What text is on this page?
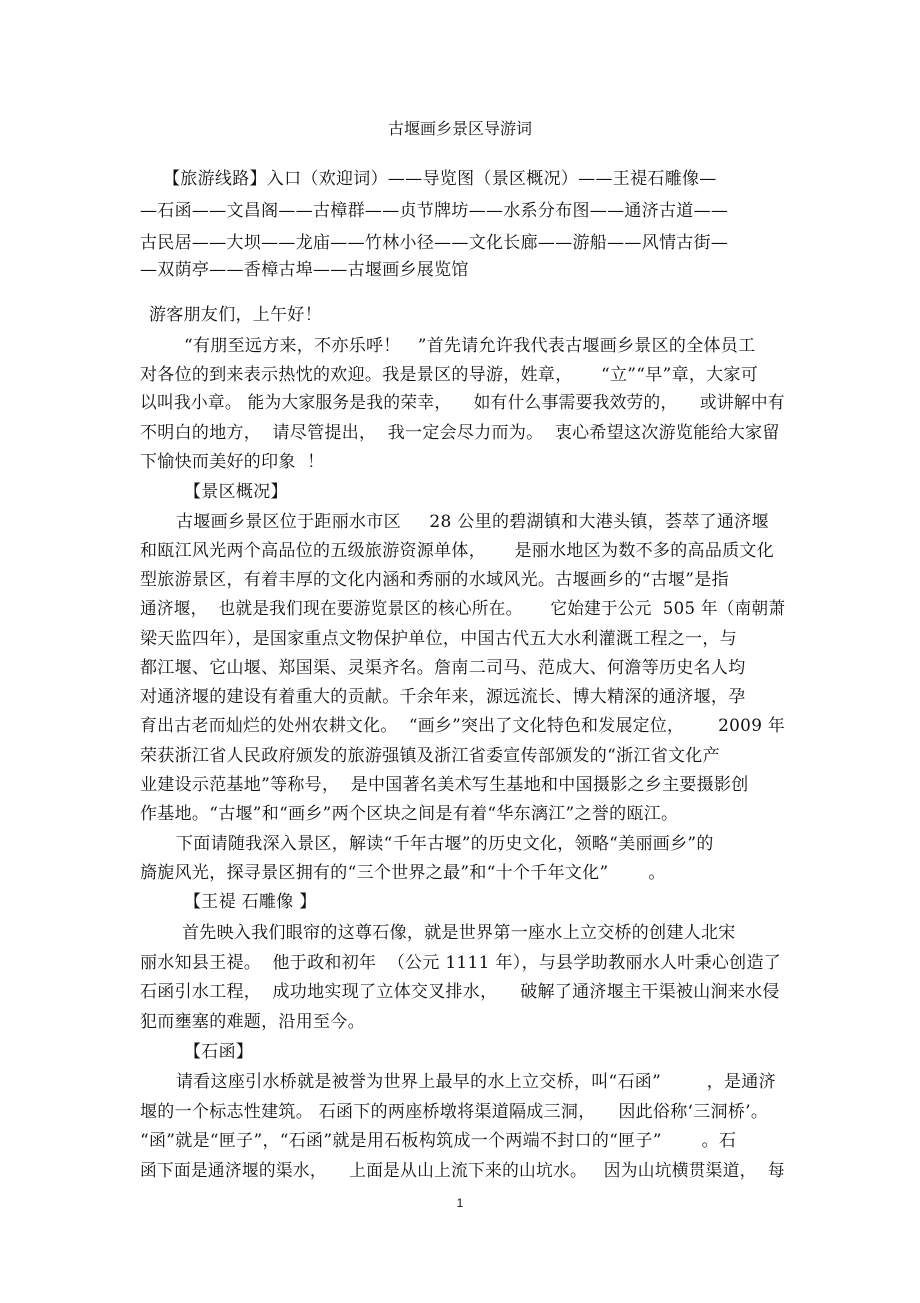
古堰画乡景区导游词
【旅游线路】入口（欢迎词）——导览图（景区概况）——王禔石雕像—
—石函——文昌阁——古樟群——贞节牌坊——水系分布图——通济古道——
古民居——大坝——龙庙——竹林小径——文化长廊——游船——风情古街—
—双荫亭——香樟古埠——古堰画乡展览馆
游客朋友们，上午好！
“有朋至远方来，不亦乐呼！   ”首先请允许我代表古堰画乡景区的全体员工
对各位的到来表示热忱的欢迎。我是景区的导游，姓章，     “立”“早”章，大家可
以叫我小章。 能为大家服务是我的荣幸，    如有什么事需要我效劳的，    或讲解中有
不明白的地方，  请尽管提出，  我一定会尽力而为。  衷心希望这次游览能给大家留
下愉快而美好的印象  ！
【景区概况】
古堰画乡景区位于距丽水市区     28 公里的碧湖镇和大港头镇，荟萃了通济堰
和瓯江风光两个高品位的五级旅游资源单体，     是丽水地区为数不多的高品质文化
型旅游景区，有着丰厚的文化内涵和秀丽的水域风光。古堰画乡的“古堰”是指
通济堰，  也就是我们现在要游览景区的核心所在。     它始建于公元  505 年（南朝萧
梁天监四年），是国家重点文物保护单位，中国古代五大水利灌溉工程之一，与
都江堰、它山堰、郑国渠、灵渠齐名。詹南二司马、范成大、何澹等历史名人均
对通济堰的建设有着重大的贡献。千余年来，源远流长、博大精深的通济堰，孕
育出古老而灿烂的处州农耕文化。  “画乡”突出了文化特色和发展定位，      2009 年
荣获浙江省人民政府颁发的旅游强镇及浙江省委宣传部颁发的“浙江省文化产
业建设示范基地”等称号，  是中国著名美术写生基地和中国摄影之乡主要摄影创
作基地。“古堰”和“画乡”两个区块之间是有着“华东漓江”之誉的瓯江。
下面请随我深入景区，解读“千年古堰”的历史文化，领略“美丽画乡”的
旖旎风光，探寻景区拥有的“三个世界之最”和“十个千年文化”       。
【王禔 石雕像 】
首先映入我们眼帘的这尊石像，就是世界第一座水上立交桥的创建人北宋
丽水知县王禔。  他于政和初年  （公元 1111 年），与县学助教丽水人叶秉心创造了
石函引水工程，  成功地实现了立体交叉排水，    破解了通济堰主干渠被山涧来水侵
犯而壅塞的难题，沿用至今。
【石函】
请看这座引水桥就是被誉为世界上最早的水上立交桥，叫“石函”        ，是通济
堰的一个标志性建筑。 石函下的两座桥墩将渠道隔成三洞，    因此俗称‘三洞桥’。
“函”就是“匣子”，“石函”就是用石板构筑成一个两端不封口的“匣子”       。石
函下面是通济堰的渠水，    上面是从山上流下来的山坑水。   因为山坑横贯渠道，  每
1
